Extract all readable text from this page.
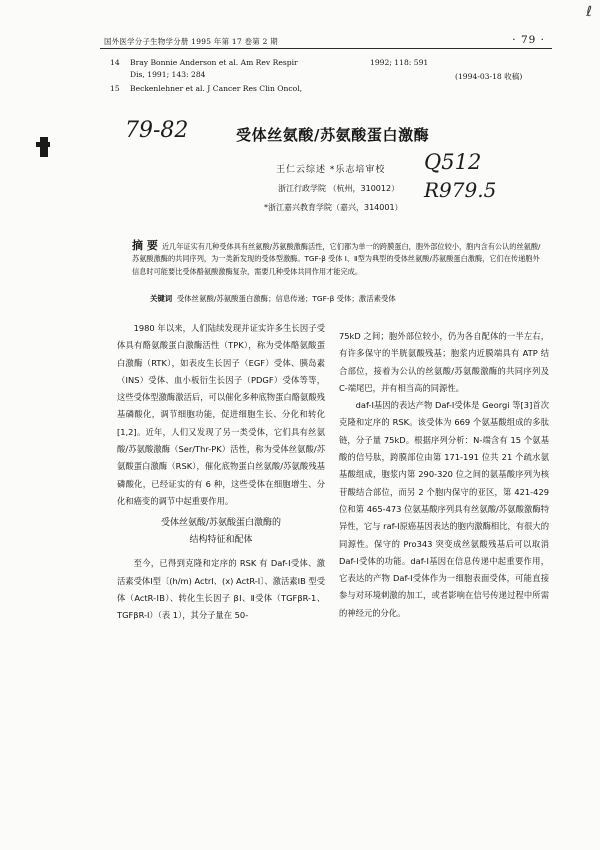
ℓ
国外医学分子生物学分册 1995 年第 17 卷第 2 期	· 79 ·
14 Bray Bonnie Anderson et al. Am Rev Respir	1992; 118: 591
Dis, 1991; 143: 284	(1994-03-18 收稿)
15 Beckenlehner et al. J Cancer Res Clin Oncol,
79-82
Q512
R979.5
受体丝氨酸/苏氨酸蛋白激酶
王仁云综述 *乐志培审校
浙江行政学院 （杭州，310012）
*浙江嘉兴教育学院（嘉兴，314001）
摘 要 近几年证实有几种受体具有丝氨酸/苏氨酸激酶活性，它们都为单一的跨膜蛋白，胞外部位较小，胞内含有公认的丝氨酸/苏氨酸激酶的共同序列，为一类新发现的受体型激酶。TGF-β 受体 Ⅰ、Ⅱ型为典型的受体丝氨酸/苏氨酸蛋白激酶，它们在传递胞外信息时可能要比受体酪氨酸激酶复杂，需要几种受体共同作用才能完成。
关键词 受体丝氨酸/苏氨酸蛋白激酶；信息传递；TGF-β 受体；激活素受体

1980 年以来，人们陆续发现并证实许多生长因子受体具有酪氨酸蛋白激酶活性（TPK），称为受体酪氨酸蛋白激酶（RTK），如表皮生长因子（EGF）受体、胰岛素（INS）受体、血小板衍生长因子（PDGF）受体等等，这些受体型激酶激活后，可以催化多种底物蛋白酪氨酸残基磷酸化，调节细胞功能，促进细胞生长、分化和转化[1,2]。近年，人们又发现了另一类受体，它们具有丝氨酸/苏氨酸激酶（Ser/Thr-PK）活性，称为受体丝氨酸/苏氨酸蛋白激酶（RSK），催化底物蛋白丝氨酸/苏氨酸残基磷酸化，已经证实的有 6 种，这些受体在细胞增生、分化和癌变的调节中起重要作用。

受体丝氨酸/苏氨酸蛋白激酶的
结构特征和配体

至今，已得到克隆和定序的 RSK 有 Daf-Ⅰ受体、激活素受体Ⅰ型〔(h/m) ActrⅠ、(x) ActR-Ⅰ〕、激活素ⅠB 型受体（ActR-ⅠB）、转化生长因子 βⅠ、Ⅱ受体（TGFβR-1、TGFβR-Ⅰ）（表 1），其分子量在 50-

75kD 之间；胞外部位较小，仍为各自配体的一半左右，有许多保守的半胱氨酸残基；胞浆内近膜端具有 ATP 结合部位，接着为公认的丝氨酸/苏氨酸激酶的共同序列及 C-端尾巴，并有相当高的同源性。

daf-Ⅰ基因的表达产物 Daf-Ⅰ受体是 Georgi 等[3]首次克隆和定序的 RSK。该受体为 669 个氨基酸组成的多肽链，分子量 75kD。根据序列分析：N-端含有 15 个氨基酸的信号肽，跨膜部位由第 171-191 位共 21 个疏水氨基酸组成，胞浆内第 290-320 位之间的氨基酸序列为核苷酸结合部位，而另 2 个胞内保守的亚区，第 421-429 位和第 465-473 位氨基酸序列具有丝氨酸/苏氨酸激酶特异性，它与 raf-Ⅰ原癌基因表达的胞内激酶相比，有很大的同源性。保守的 Pro343 突变成丝氨酸残基后可以取消 Daf-Ⅰ受体的功能。daf-Ⅰ基因在信息传递中起重要作用，它表达的产物 Daf-Ⅰ受体作为一细胞表面受体，可能直接参与对环境刺激的加工，或者影响在信号传递过程中所需的神经元的分化。
